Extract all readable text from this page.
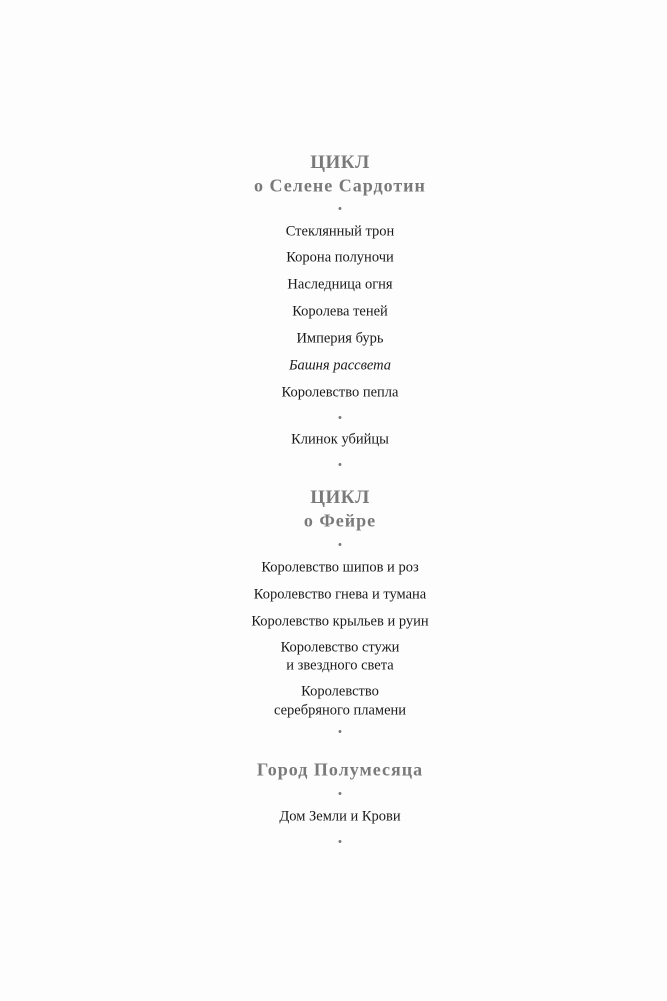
ЦИКЛ
о Селене Сардотин
•
Стеклянный трон
Корона полуночи
Наследница огня
Королева теней
Империя бурь
Башня рассвета
Королевство пепла
•
Клинок убийцы
•
ЦИКЛ
о Фейре
•
Королевство шипов и роз
Королевство гнева и тумана
Королевство крыльев и руин
Королевство стужи
и звездного света
Королевство
серебряного пламени
•
Город Полумесяца
•
Дом Земли и Крови
•
